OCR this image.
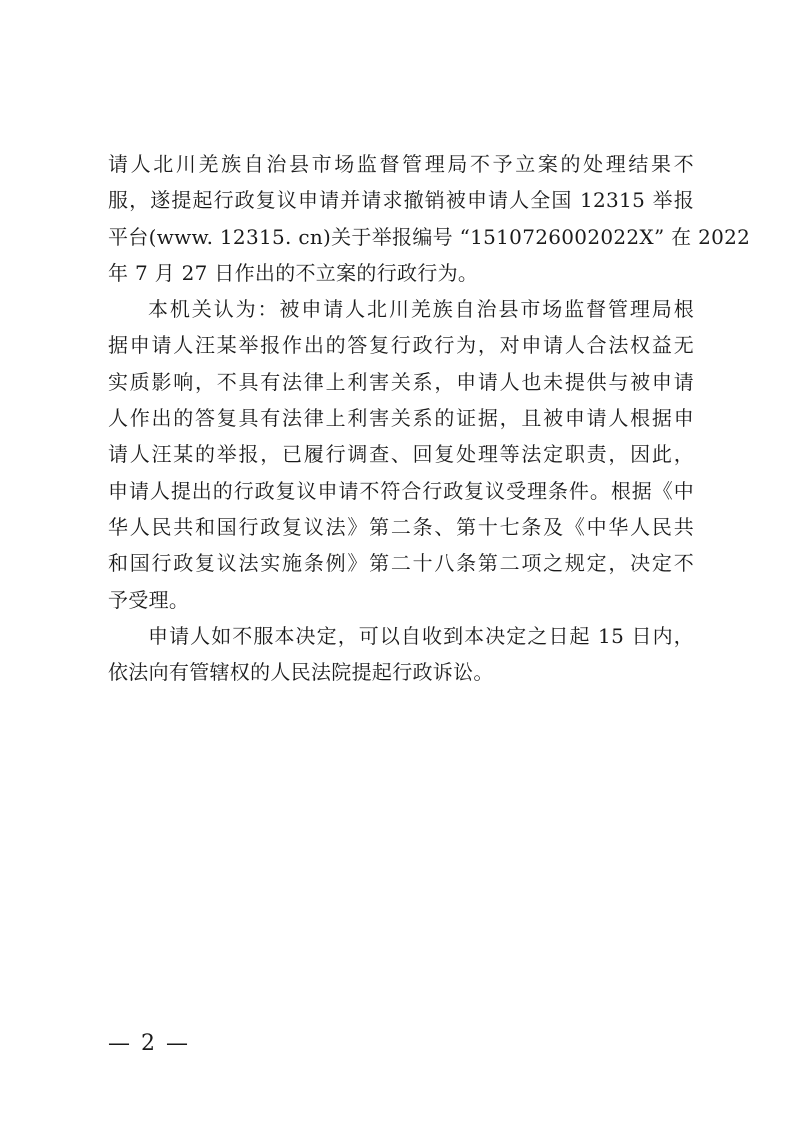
请人北川羌族自治县市场监督管理局不予立案的处理结果不
服，遂提起行政复议申请并请求撤销被申请人全国 12315 举报
平台(www. 12315. cn)关于举报编号 “1510726002022X” 在 2022
年 7 月 27 日作出的不立案的行政行为。
本机关认为：被申请人北川羌族自治县市场监督管理局根
据申请人汪某举报作出的答复行政行为，对申请人合法权益无
实质影响，不具有法律上利害关系，申请人也未提供与被申请
人作出的答复具有法律上利害关系的证据，且被申请人根据申
请人汪某的举报，已履行调查、回复处理等法定职责，因此，
申请人提出的行政复议申请不符合行政复议受理条件。根据《中
华人民共和国行政复议法》第二条、第十七条及《中华人民共
和国行政复议法实施条例》第二十八条第二项之规定，决定不
予受理。
申请人如不服本决定，可以自收到本决定之日起 15 日内，
依法向有管辖权的人民法院提起行政诉讼。
— 2 —
